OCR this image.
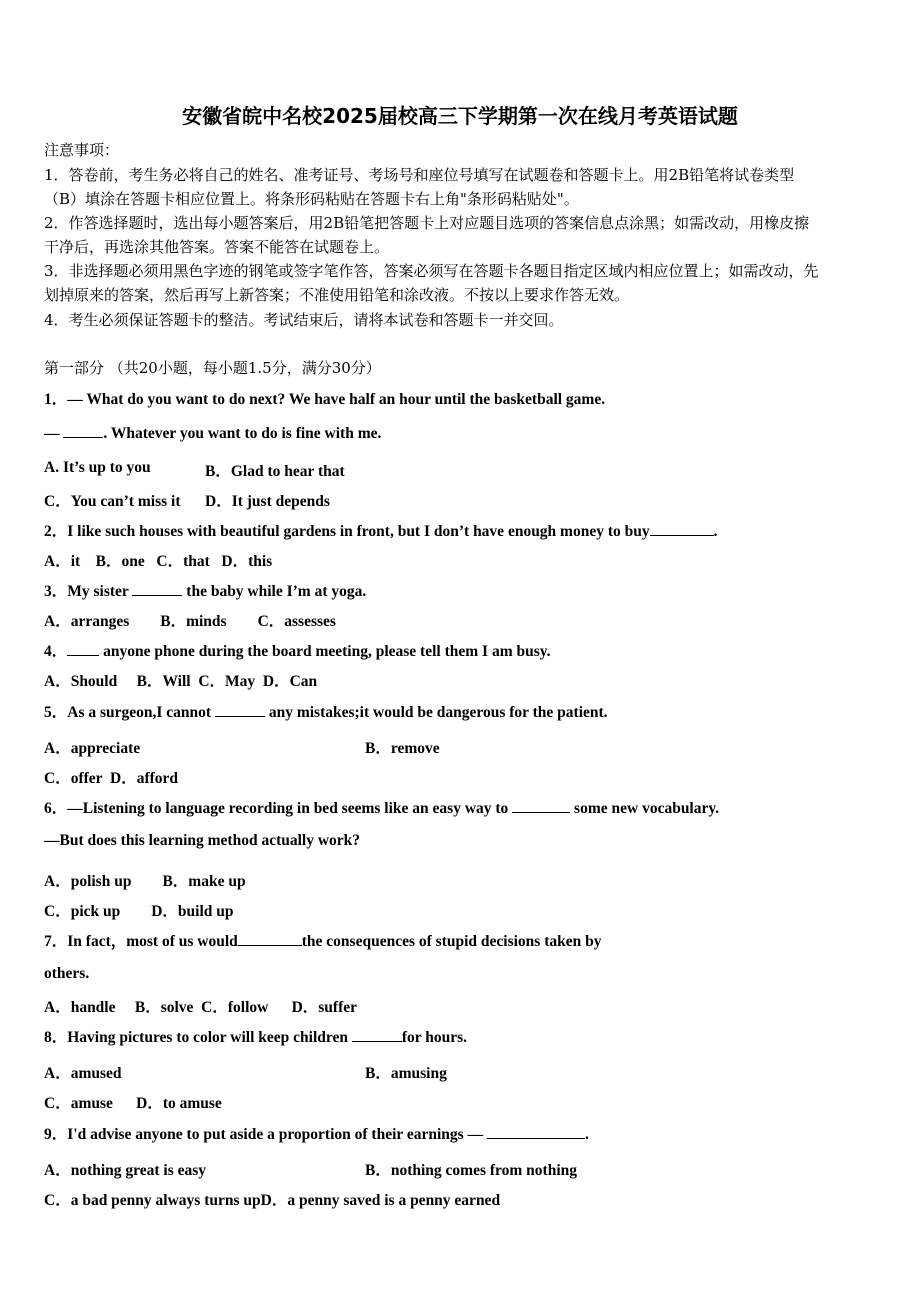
安徽省皖中名校2025届校高三下学期第一次在线月考英语试题
注意事项：
1．答卷前，考生务必将自己的姓名、准考证号、考场号和座位号填写在试题卷和答题卡上。用2B铅笔将试卷类型
（B）填涂在答题卡相应位置上。将条形码粘贴在答题卡右上角"条形码粘贴处"。
2．作答选择题时，选出每小题答案后，用2B铅笔把答题卡上对应题目选项的答案信息点涂黑；如需改动，用橡皮擦
干净后，再选涂其他答案。答案不能答在试题卷上。
3．非选择题必须用黑色字迹的钢笔或签字笔作答，答案必须写在答题卡各题目指定区域内相应位置上；如需改动，先
划掉原来的答案，然后再写上新答案；不准使用铅笔和涂改液。不按以上要求作答无效。
4．考生必须保证答题卡的整洁。考试结束后，请将本试卷和答题卡一并交回。
第一部分 （共20小题，每小题1.5分，满分30分）
1．— What do you want to do next? We have half an hour until the basketball game.
—	. Whatever you want to do is fine with me.
A. It’s up to you	B．Glad to hear that
C．You can’t miss it D．It just depends
2．I like such houses with beautiful gardens in front, but I don’t have enough money to buy	.
A．it    B．one   C．that   D．this
3．My sister	the baby while I’m at yoga.
A．arranges        B．minds        C．assesses
4． anyone phone during the board meeting, please tell them I am busy.
A．Should     B．Will  C．May  D．Can
5．As a surgeon,I cannot	any mistakes;it would be dangerous for the patient.
A．appreciate	B．remove
C．offer  D．afford
6．—Listening to language recording in bed seems like an easy way to	some new vocabulary.
—But does this learning method actually work?
A．polish up        B．make up
C．pick up        D．build up
7．In fact，most of us would	the consequences of stupid decisions taken by
others.
A．handle     B．solve  C．follow      D．suffer
8．Having pictures to color will keep children	for hours.
A．amused	B．amusing
C．amuse      D．to amuse
9．I'd advise anyone to put aside a proportion of their earnings —	.
A．nothing great is easy	B．nothing comes from nothing
C．a bad penny always turns upD．a penny saved is a penny earned
